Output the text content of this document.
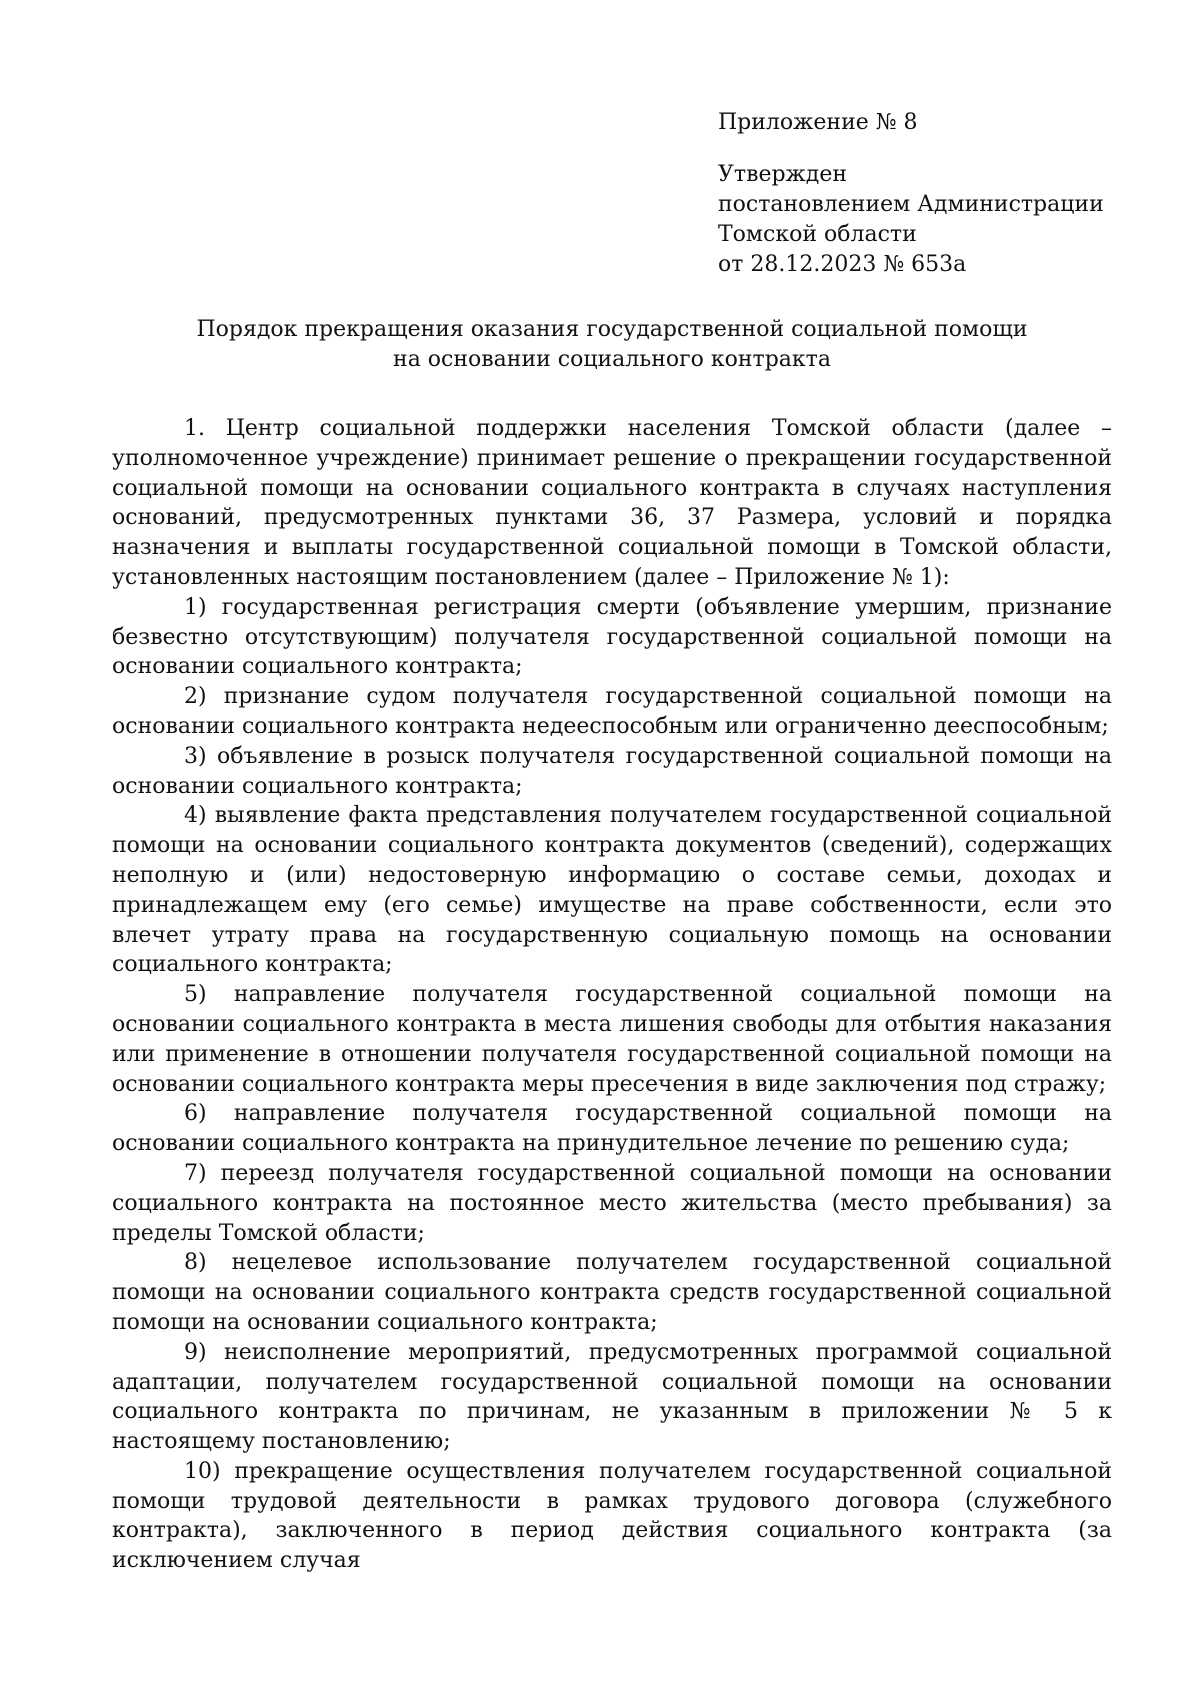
Приложение № 8

Утвержден

постановлением Администрации

Томской области

от 28.12.2023 № 653а

Порядок прекращения оказания государственной социальной помощи
на основании социального контракта

1. Центр социальной поддержки населения Томской области (далее – уполномоченное учреждение) принимает решение о прекращении государственной социальной помощи на основании социального контракта в случаях наступления оснований, предусмотренных пунктами 36, 37 Размера, условий и порядка назначения и выплаты государственной социальной помощи в Томской области, установленных настоящим постановлением (далее – Приложение № 1):

1) государственная регистрация смерти (объявление умершим, признание безвестно отсутствующим) получателя государственной социальной помощи на основании социального контракта;

2) признание судом получателя государственной социальной помощи на основании социального контракта недееспособным или ограниченно дееспособным;

3) объявление в розыск получателя государственной социальной помощи на основании социального контракта;

4) выявление факта представления получателем государственной социальной помощи на основании социального контракта документов (сведений), содержащих неполную и (или) недостоверную информацию о составе семьи, доходах и принадлежащем ему (его семье) имуществе на праве собственности, если это влечет утрату права на государственную социальную помощь на основании социального контракта;

5) направление получателя государственной социальной помощи на основании социального контракта в места лишения свободы для отбытия наказания или применение в отношении получателя государственной социальной помощи на основании социального контракта меры пресечения в виде заключения под стражу;

6) направление получателя государственной социальной помощи на основании социального контракта на принудительное лечение по решению суда;

7) переезд получателя государственной социальной помощи на основании социального контракта на постоянное место жительства (место пребывания) за пределы Томской области;

8) нецелевое использование получателем государственной социальной помощи на основании социального контракта средств государственной социальной помощи на основании социального контракта;

9) неисполнение мероприятий, предусмотренных программой социальной адаптации, получателем государственной социальной помощи на основании социального контракта по причинам, не указанным в приложении № 5 к настоящему постановлению;

10) прекращение осуществления получателем государственной социальной помощи трудовой деятельности в рамках трудового договора (служебного контракта), заключенного в период действия социального контракта (за исключением случая
